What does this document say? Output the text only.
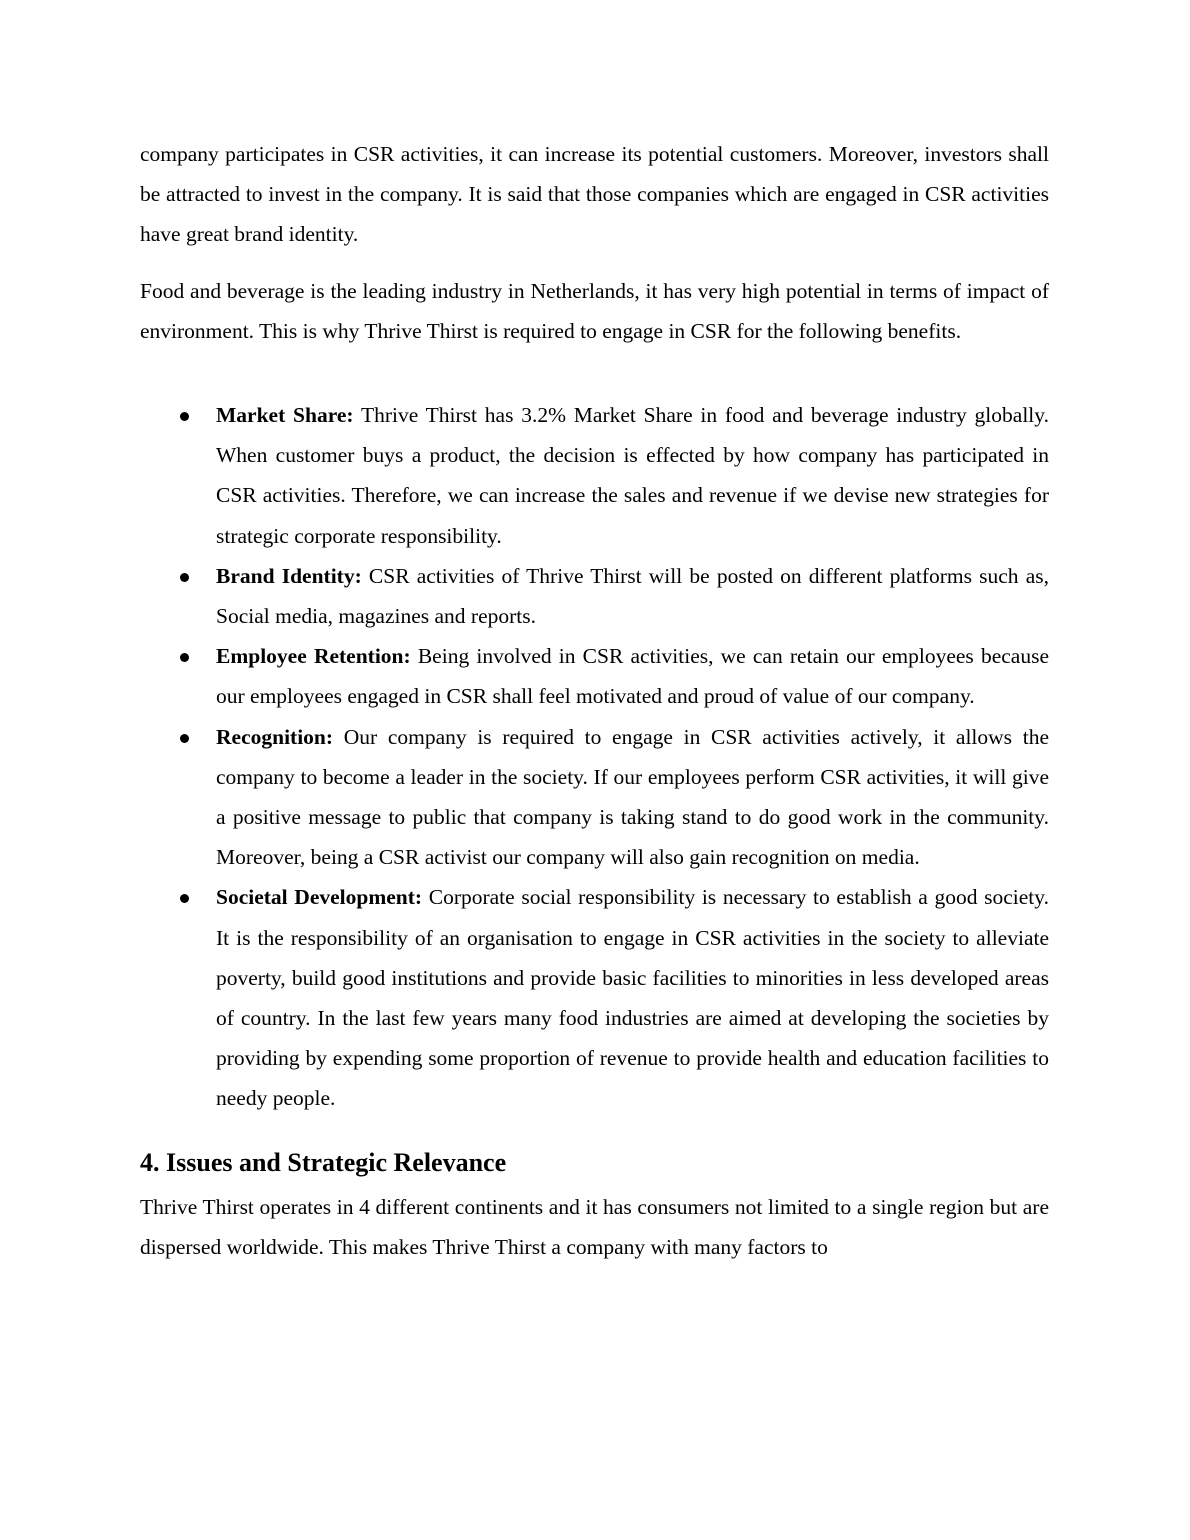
company participates in CSR activities, it can increase its potential customers. Moreover, investors shall be attracted to invest in the company. It is said that those companies which are engaged in CSR activities have great brand identity.

Food and beverage is the leading industry in Netherlands, it has very high potential in terms of impact of environment. This is why Thrive Thirst is required to engage in CSR for the following benefits.

Market Share: Thrive Thirst has 3.2% Market Share in food and beverage industry globally. When customer buys a product, the decision is effected by how company has participated in CSR activities. Therefore, we can increase the sales and revenue if we devise new strategies for strategic corporate responsibility.
Brand Identity: CSR activities of Thrive Thirst will be posted on different platforms such as, Social media, magazines and reports.
Employee Retention: Being involved in CSR activities, we can retain our employees because our employees engaged in CSR shall feel motivated and proud of value of our company.
Recognition: Our company is required to engage in CSR activities actively, it allows the company to become a leader in the society. If our employees perform CSR activities, it will give a positive message to public that company is taking stand to do good work in the community. Moreover, being a CSR activist our company will also gain recognition on media.
Societal Development: Corporate social responsibility is necessary to establish a good society. It is the responsibility of an organisation to engage in CSR activities in the society to alleviate poverty, build good institutions and provide basic facilities to minorities in less developed areas of country. In the last few years many food industries are aimed at developing the societies by providing by expending some proportion of revenue to provide health and education facilities to needy people.
4. Issues and Strategic Relevance

Thrive Thirst operates in 4 different continents and it has consumers not limited to a single region but are dispersed worldwide. This makes Thrive Thirst a company with many factors to
